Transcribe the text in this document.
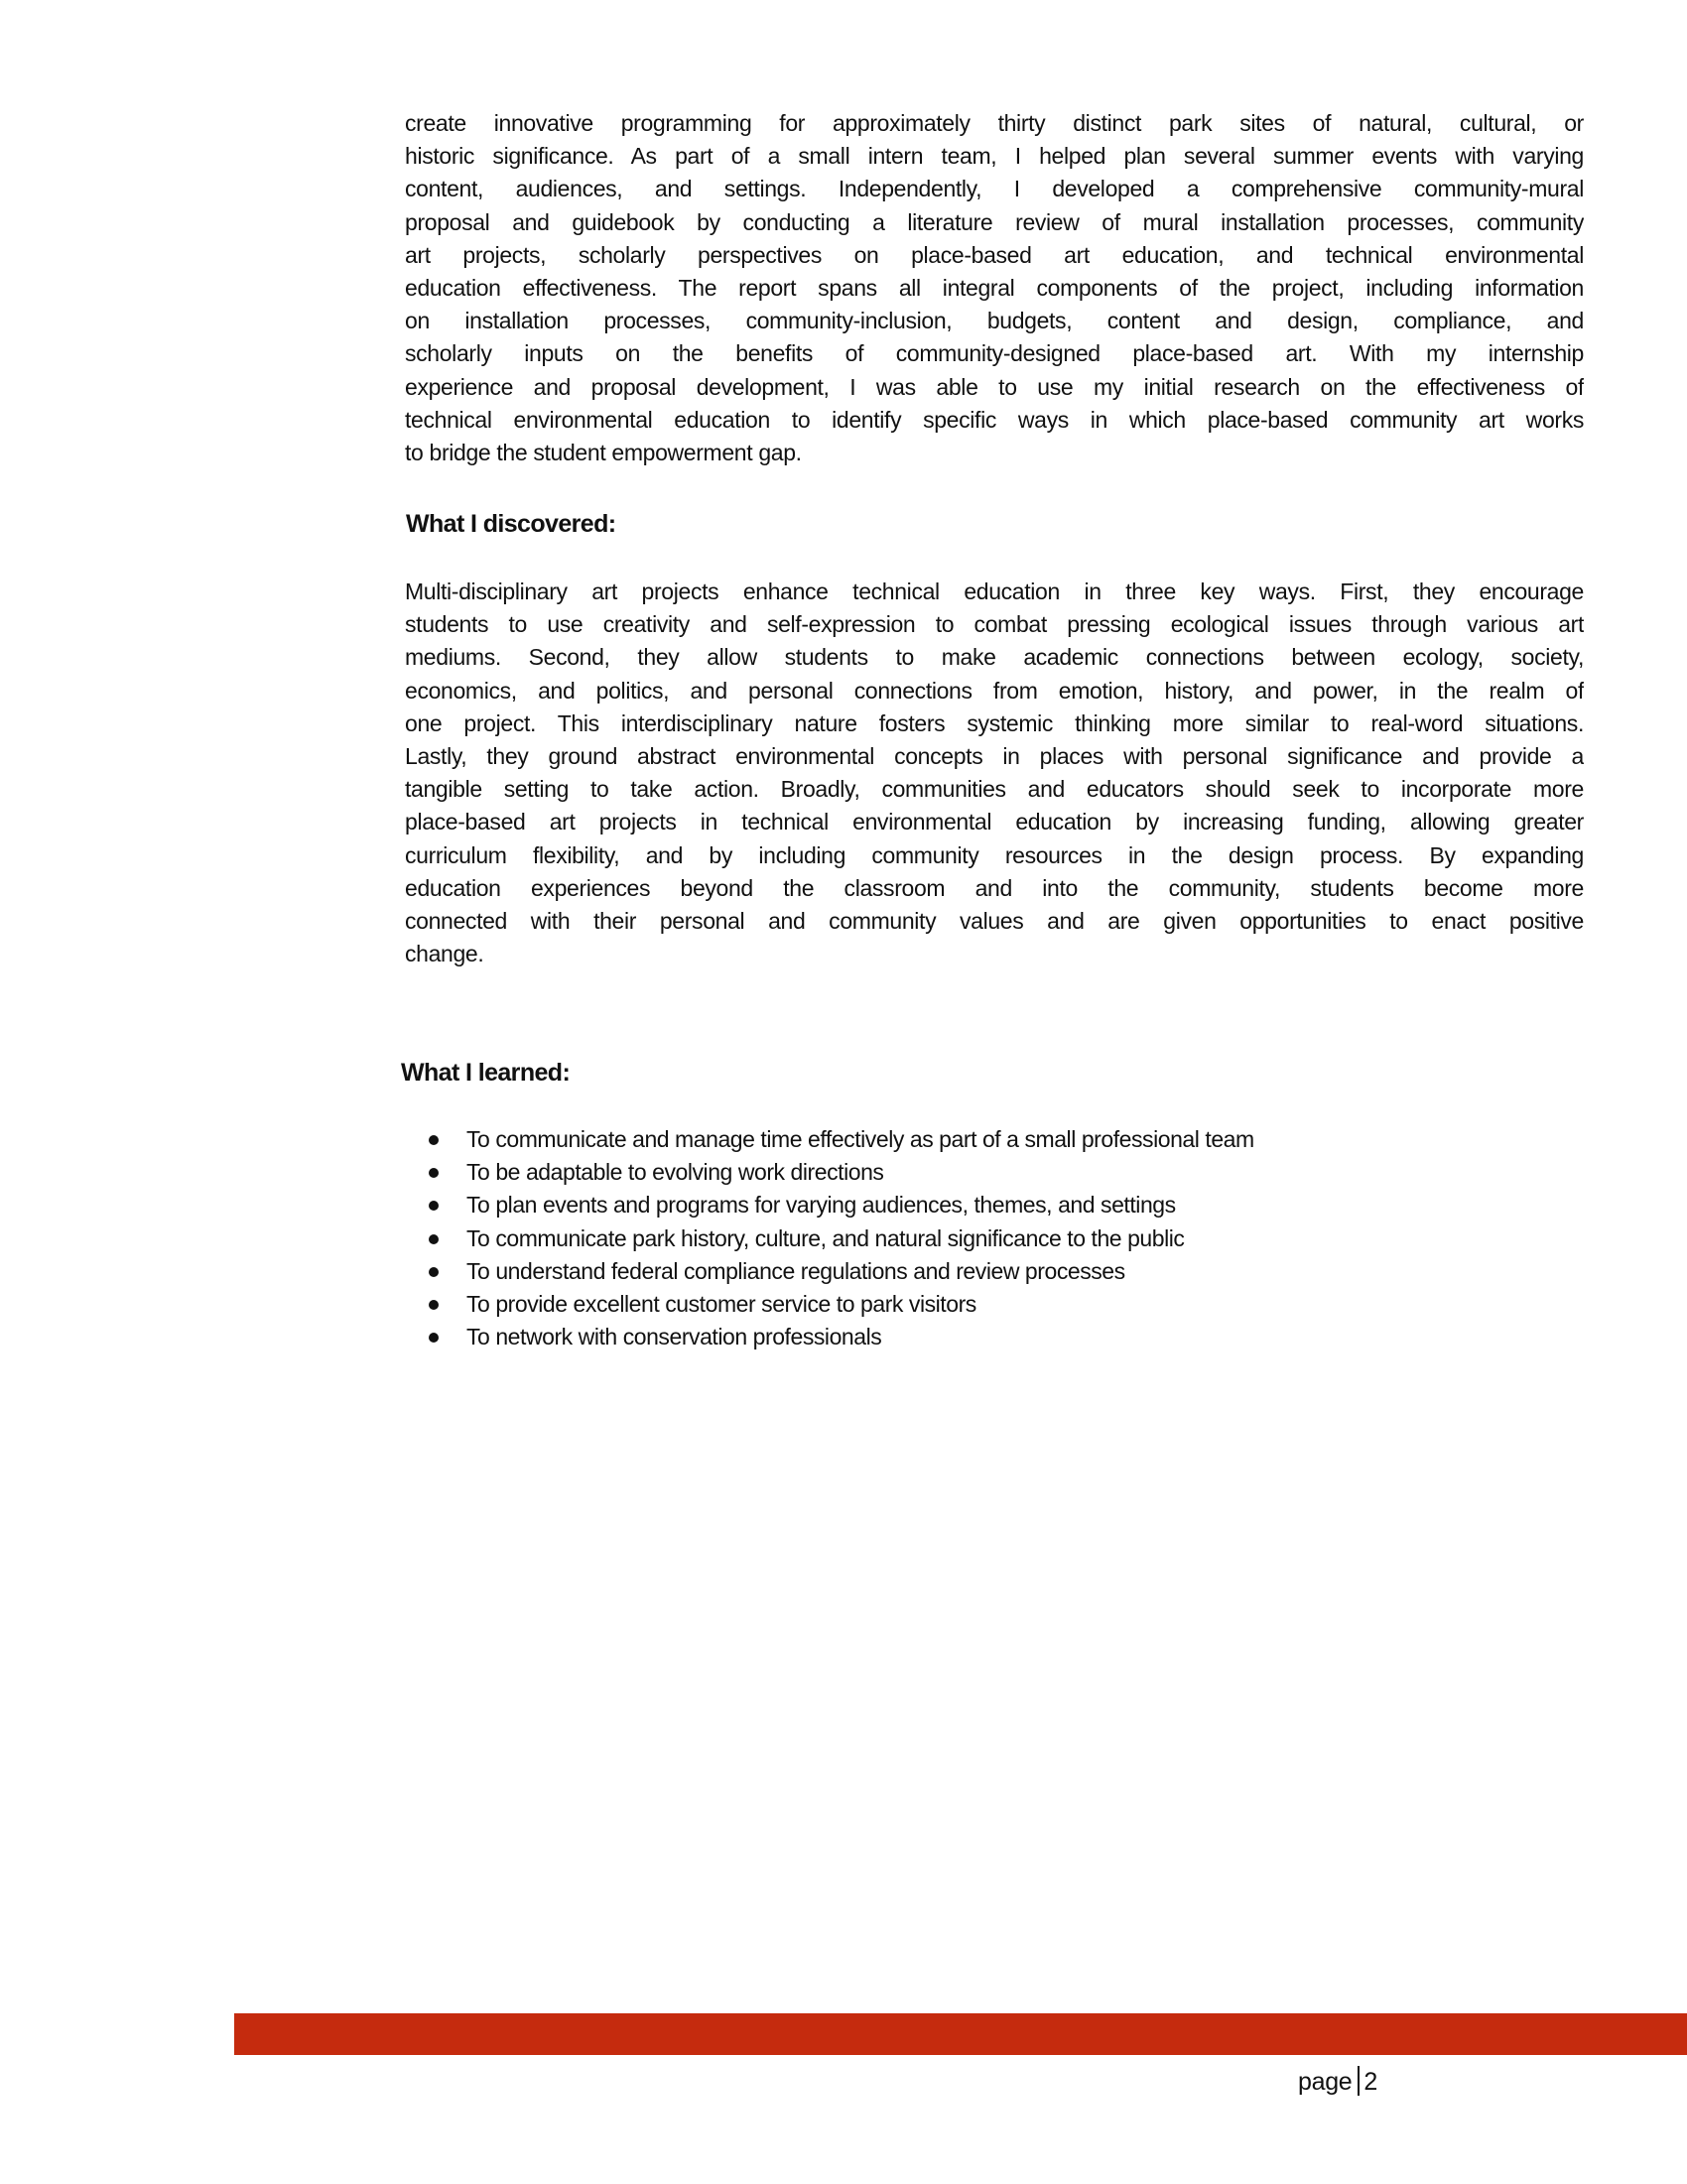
create innovative programming for approximately thirty distinct park sites of natural, cultural, or
historic significance. As part of a small intern team, I helped plan several summer events with varying
content, audiences, and settings. Independently, I developed a comprehensive community-mural
proposal and guidebook by conducting a literature review of mural installation processes, community
art projects, scholarly perspectives on place-based art education, and technical environmental
education effectiveness. The report spans all integral components of the project, including information
on installation processes, community-inclusion, budgets, content and design, compliance, and
scholarly inputs on the benefits of community-designed place-based art. With my internship
experience and proposal development, I was able to use my initial research on the effectiveness of
technical environmental education to identify specific ways in which place-based community art works
to bridge the student empowerment gap.
What I discovered:
Multi-disciplinary art projects enhance technical education in three key ways. First, they encourage
students to use creativity and self-expression to combat pressing ecological issues through various art
mediums. Second, they allow students to make academic connections between ecology, society,
economics, and politics, and personal connections from emotion, history, and power, in the realm of
one project. This interdisciplinary nature fosters systemic thinking more similar to real-word situations.
Lastly, they ground abstract environmental concepts in places with personal significance and provide a
tangible setting to take action. Broadly, communities and educators should seek to incorporate more
place-based art projects in technical environmental education by increasing funding, allowing greater
curriculum flexibility, and by including community resources in the design process. By expanding
education experiences beyond the classroom and into the community, students become more
connected with their personal and community values and are given opportunities to enact positive
change.
What I learned:
To communicate and manage time effectively as part of a small professional team
To be adaptable to evolving work directions
To plan events and programs for varying audiences, themes, and settings
To communicate park history, culture, and natural significance to the public
To understand federal compliance regulations and review processes
To provide excellent customer service to park visitors
To network with conservation professionals
page 2
